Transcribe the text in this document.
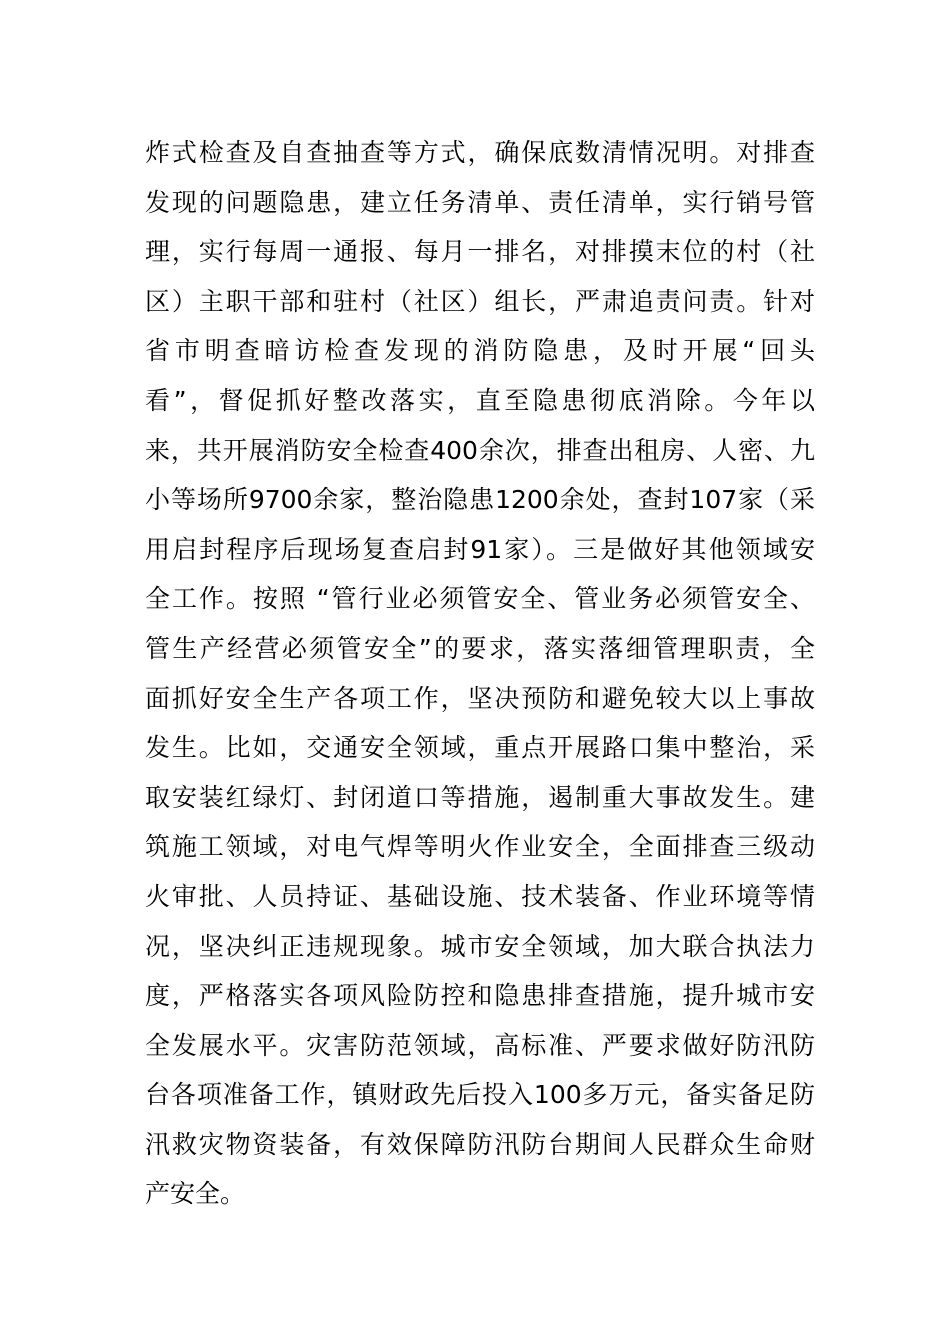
炸式检查及自查抽查等方式，确保底数清情况明。对排查
发现的问题隐患，建立任务清单、责任清单，实行销号管
理，实行每周一通报、每月一排名，对排摸末位的村（社
区）主职干部和驻村（社区）组长，严肃追责问责。针对
省市明查暗访检查发现的消防隐患，及时开展“回头
看”，督促抓好整改落实，直至隐患彻底消除。今年以
来，共开展消防安全检查400余次，排查出租房、人密、九
小等场所9700余家，整治隐患1200余处，查封107家（采
用启封程序后现场复查启封91家）。三是做好其他领域安
全工作。按照 “管行业必须管安全、管业务必须管安全、
管生产经营必须管安全”的要求，落实落细管理职责，全
面抓好安全生产各项工作，坚决预防和避免较大以上事故
发生。比如，交通安全领域，重点开展路口集中整治，采
取安装红绿灯、封闭道口等措施，遏制重大事故发生。建
筑施工领域，对电气焊等明火作业安全，全面排查三级动
火审批、人员持证、基础设施、技术装备、作业环境等情
况，坚决纠正违规现象。城市安全领域，加大联合执法力
度，严格落实各项风险防控和隐患排查措施，提升城市安
全发展水平。灾害防范领域，高标准、严要求做好防汛防
台各项准备工作，镇财政先后投入100多万元，备实备足防
汛救灾物资装备，有效保障防汛防台期间人民群众生命财
产安全。
